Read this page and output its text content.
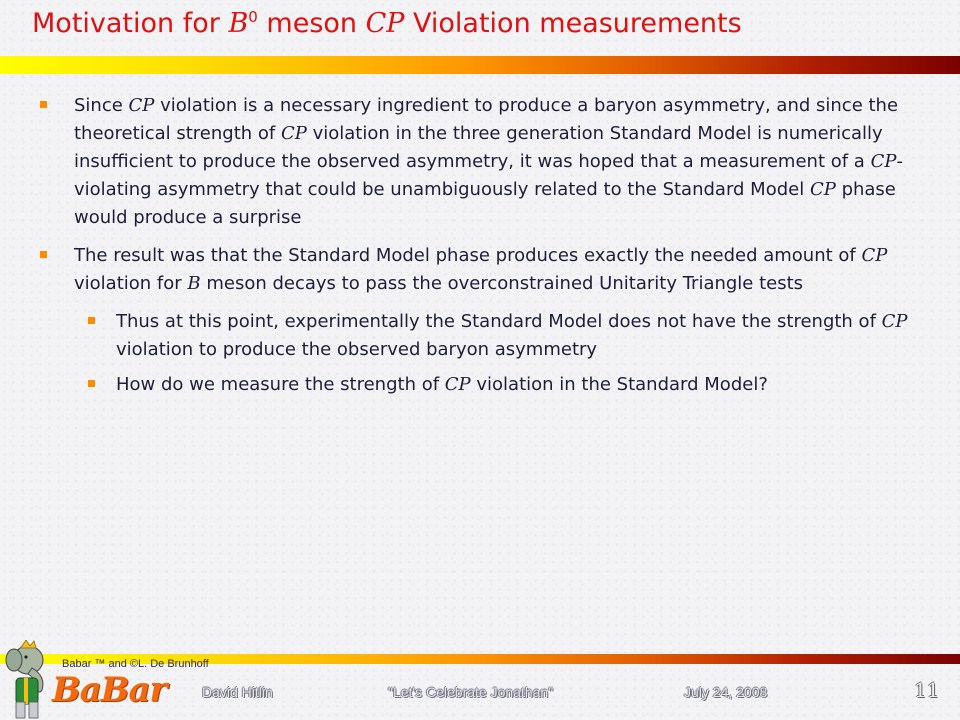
Motivation for $B^0$ meson CP Violation measurements
Since CP violation is a necessary ingredient to produce a baryon asymmetry, and since the theoretical strength of CP violation in the three generation Standard Model is numerically insufficient to produce the observed asymmetry, it was hoped that a measurement of a CP-violating asymmetry that could be unambiguously related to the Standard Model CP phase would produce a surprise
The result was that the Standard Model phase produces exactly the needed amount of CP violation for B meson decays to pass the overconstrained Unitarity Triangle tests
Thus at this point, experimentally the Standard Model does not have the strength of CP violation to produce the observed baryon asymmetry
How do we measure the strength of CP violation in the Standard Model?
Babar ™ and ©L. De Brunhoff
BaBar	David Hitlin	"Let's Celebrate Jonathan"	July 24, 2008	11
